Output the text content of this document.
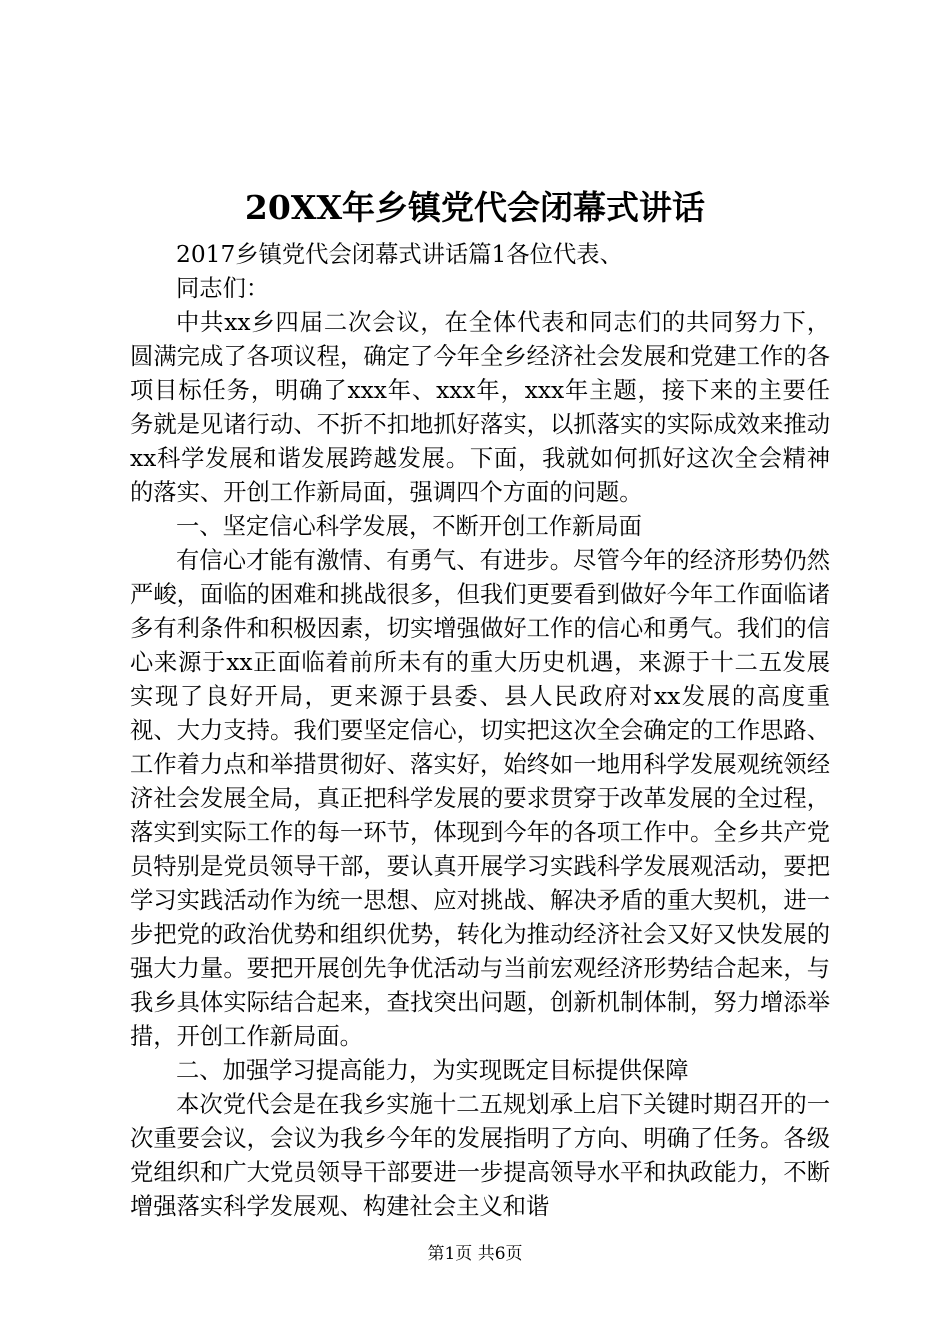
20XX年乡镇党代会闭幕式讲话

2017乡镇党代会闭幕式讲话篇1各位代表、

同志们：

中共xx乡四届二次会议，在全体代表和同志们的共同努力下，圆满完成了各项议程，确定了今年全乡经济社会发展和党建工作的各项目标任务，明确了xxx年、xxx年，xxx年主题，接下来的主要任务就是见诸行动、不折不扣地抓好落实，以抓落实的实际成效来推动xx科学发展和谐发展跨越发展。下面，我就如何抓好这次全会精神的落实、开创工作新局面，强调四个方面的问题。

一、坚定信心科学发展，不断开创工作新局面

有信心才能有激情、有勇气、有进步。尽管今年的经济形势仍然严峻，面临的困难和挑战很多，但我们更要看到做好今年工作面临诸多有利条件和积极因素，切实增强做好工作的信心和勇气。我们的信心来源于xx正面临着前所未有的重大历史机遇，来源于十二五发展实现了良好开局，更来源于县委、县人民政府对xx发展的高度重视、大力支持。我们要坚定信心，切实把这次全会确定的工作思路、工作着力点和举措贯彻好、落实好，始终如一地用科学发展观统领经济社会发展全局，真正把科学发展的要求贯穿于改革发展的全过程，落实到实际工作的每一环节，体现到今年的各项工作中。全乡共产党员特别是党员领导干部，要认真开展学习实践科学发展观活动，要把学习实践活动作为统一思想、应对挑战、解决矛盾的重大契机，进一步把党的政治优势和组织优势，转化为推动经济社会又好又快发展的强大力量。要把开展创先争优活动与当前宏观经济形势结合起来，与我乡具体实际结合起来，查找突出问题，创新机制体制，努力增添举措，开创工作新局面。

二、加强学习提高能力，为实现既定目标提供保障

本次党代会是在我乡实施十二五规划承上启下关键时期召开的一次重要会议，会议为我乡今年的发展指明了方向、明确了任务。各级党组织和广大党员领导干部要进一步提高领导水平和执政能力，不断增强落实科学发展观、构建社会主义和谐

第1页 共6页
